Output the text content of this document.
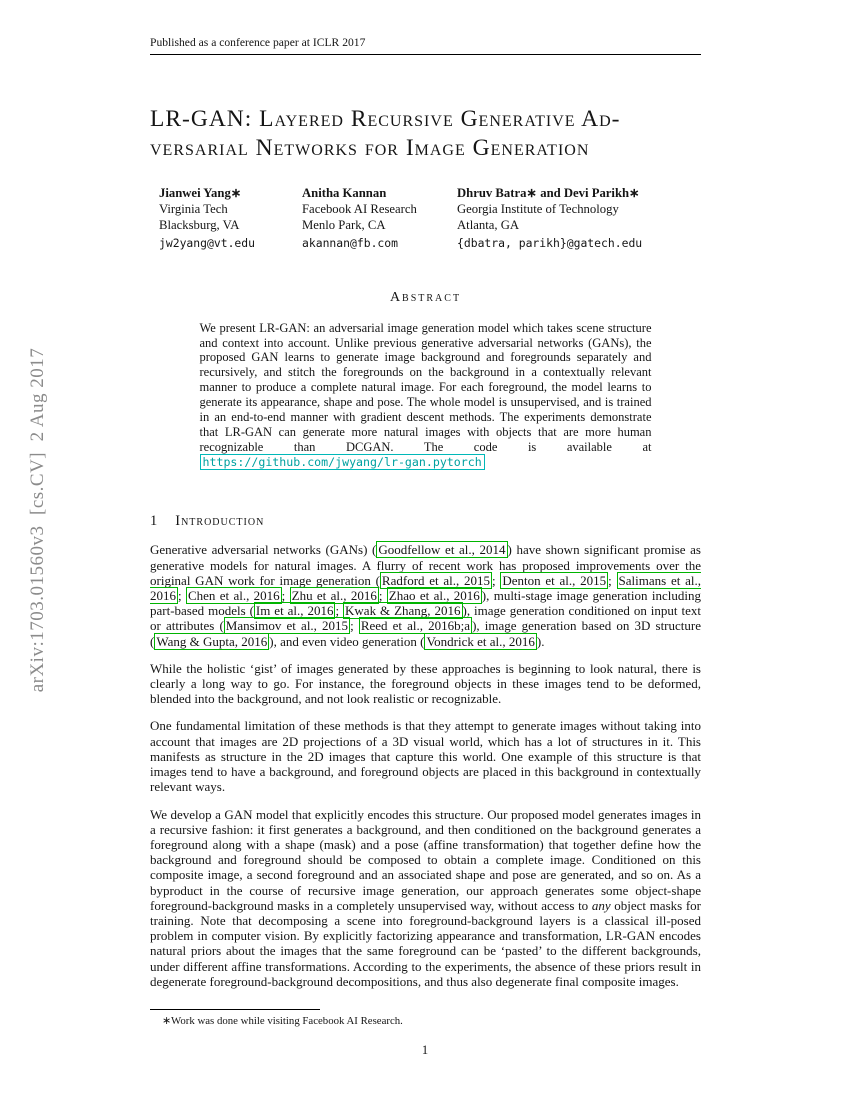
arXiv:1703.01560v3  [cs.CV]  2 Aug 2017
Published as a conference paper at ICLR 2017
LR-GAN: Layered Recursive Generative Ad-
versarial Networks for Image Generation
Jianwei Yang∗
Virginia Tech
Blacksburg, VA
jw2yang@vt.edu
Anitha Kannan
Facebook AI Research
Menlo Park, CA
akannan@fb.com
Dhruv Batra∗ and Devi Parikh∗
Georgia Institute of Technology
Atlanta, GA
{dbatra, parikh}@gatech.edu
Abstract
We present LR-GAN: an adversarial image generation model which takes scene structure and context into account. Unlike previous generative adversarial networks (GANs), the proposed GAN learns to generate image background and foregrounds separately and recursively, and stitch the foregrounds on the background in a contextually relevant manner to produce a complete natural image. For each foreground, the model learns to generate its appearance, shape and pose. The whole model is unsupervised, and is trained in an end-to-end manner with gradient descent methods. The experiments demonstrate that LR-GAN can generate more natural images with objects that are more human recognizable than DCGAN. The code is available at https://github.com/jwyang/lr-gan.pytorch
1 Introduction
Generative adversarial networks (GANs) ( Goodfellow et al., 2014 ) have shown significant promise as generative models for natural images. A flurry of recent work has proposed improvements over the original GAN work for image generation ( Radford et al., 2015 ; Denton et al., 2015 ; Salimans et al., 2016 ; Chen et al., 2016 ; Zhu et al., 2016 ; Zhao et al., 2016 ), multi-stage image generation including part-based models ( Im et al., 2016 ; Kwak & Zhang, 2016 ), image generation conditioned on input text or attributes ( Mansimov et al., 2015 ; Reed et al., 2016b;a ), image generation based on 3D structure ( Wang & Gupta, 2016 ), and even video generation ( Vondrick et al., 2016 ).
While the holistic ‘gist’ of images generated by these approaches is beginning to look natural, there is clearly a long way to go. For instance, the foreground objects in these images tend to be deformed, blended into the background, and not look realistic or recognizable.
One fundamental limitation of these methods is that they attempt to generate images without taking into account that images are 2D projections of a 3D visual world, which has a lot of structures in it. This manifests as structure in the 2D images that capture this world. One example of this structure is that images tend to have a background, and foreground objects are placed in this background in contextually relevant ways.
We develop a GAN model that explicitly encodes this structure. Our proposed model generates images in a recursive fashion: it first generates a background, and then conditioned on the background generates a foreground along with a shape (mask) and a pose (affine transformation) that together define how the background and foreground should be composed to obtain a complete image. Conditioned on this composite image, a second foreground and an associated shape and pose are generated, and so on. As a byproduct in the course of recursive image generation, our approach generates some object-shape foreground-background masks in a completely unsupervised way, without access to any object masks for training. Note that decomposing a scene into foreground-background layers is a classical ill-posed problem in computer vision. By explicitly factorizing appearance and transformation, LR-GAN encodes natural priors about the images that the same foreground can be ‘pasted’ to the different backgrounds, under different affine transformations. According to the experiments, the absence of these priors result in degenerate foreground-background decompositions, and thus also degenerate final composite images.
∗Work was done while visiting Facebook AI Research.
1
